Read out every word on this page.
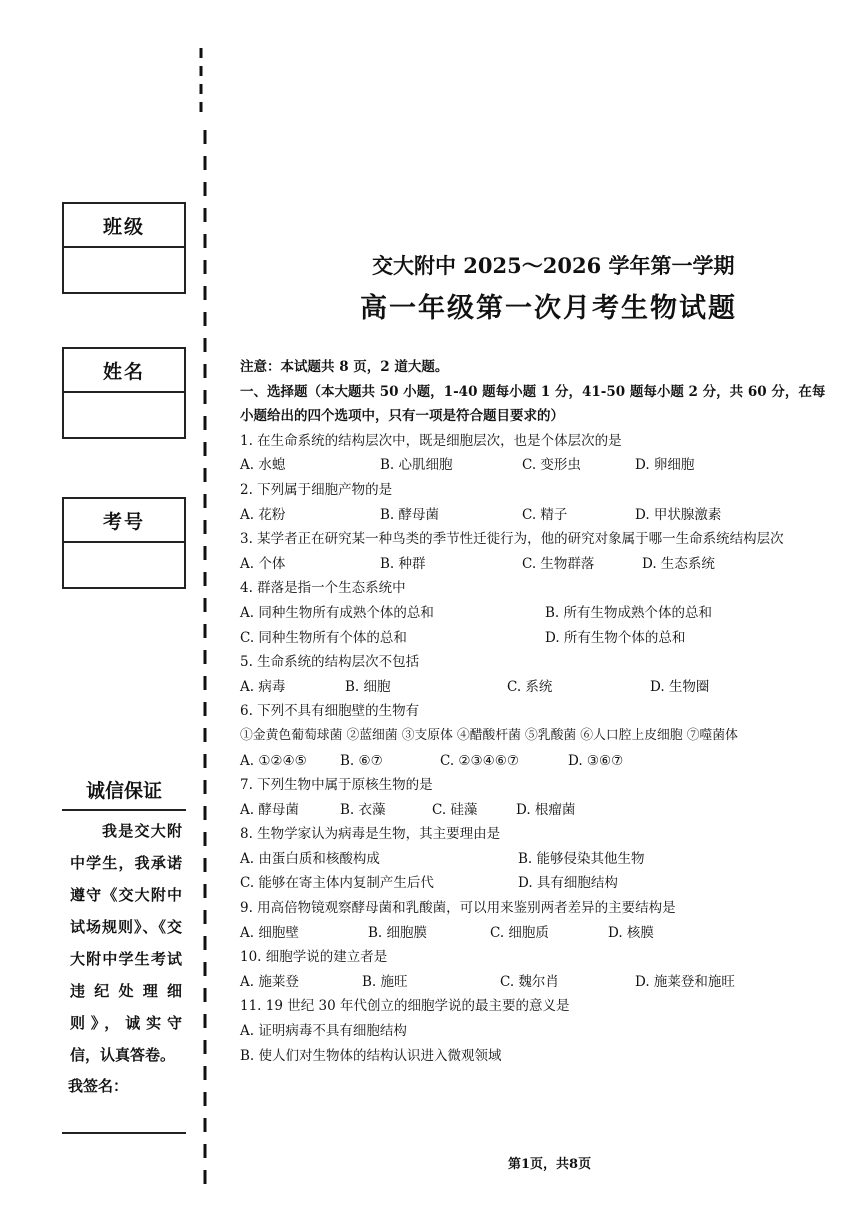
班级
姓名
考号
诚信保证
我是交大附中学生，我承诺遵守《交大附中试场规则》、《交大附中学生考试违纪处理细则》，诚实守信，认真答卷。
我签名：
交大附中 2025～2026 学年第一学期
高一年级第一次月考生物试题
注意：本试题共 8 页，2 道大题。
一、选择题（本大题共 50 小题，1-40 题每小题 1 分，41-50 题每小题 2 分，共 60 分，在每
小题给出的四个选项中，只有一项是符合题目要求的）
1. 在生命系统的结构层次中，既是细胞层次，也是个体层次的是
A. 水螅	B. 心肌细胞	C. 变形虫	D. 卵细胞
2. 下列属于细胞产物的是
A. 花粉	B. 酵母菌	C. 精子	D. 甲状腺激素
3. 某学者正在研究某一种鸟类的季节性迁徙行为，他的研究对象属于哪一生命系统结构层次
A. 个体	B. 种群	C. 生物群落	D. 生态系统
4. 群落是指一个生态系统中
A. 同种生物所有成熟个体的总和	B. 所有生物成熟个体的总和
C. 同种生物所有个体的总和	D. 所有生物个体的总和
5. 生命系统的结构层次不包括
A. 病毒	B. 细胞	C. 系统	D. 生物圈
6. 下列不具有细胞壁的生物有
①金黄色葡萄球菌 ②蓝细菌 ③支原体 ④醋酸杆菌 ⑤乳酸菌 ⑥人口腔上皮细胞 ⑦噬菌体
A. ①②④⑤	B. ⑥⑦	C. ②③④⑥⑦	D. ③⑥⑦
7. 下列生物中属于原核生物的是
A. 酵母菌	B. 衣藻	C. 硅藻	D. 根瘤菌
8. 生物学家认为病毒是生物，其主要理由是
A. 由蛋白质和核酸构成	B. 能够侵染其他生物
C. 能够在寄主体内复制产生后代	D. 具有细胞结构
9. 用高倍物镜观察酵母菌和乳酸菌，可以用来鉴别两者差异的主要结构是
A. 细胞壁	B. 细胞膜	C. 细胞质	D. 核膜
10. 细胞学说的建立者是
A. 施莱登	B. 施旺	C. 魏尔肖	D. 施莱登和施旺
11. 19 世纪 30 年代创立的细胞学说的最主要的意义是
A. 证明病毒不具有细胞结构
B. 使人们对生物体的结构认识进入微观领域
第1页，共8页
